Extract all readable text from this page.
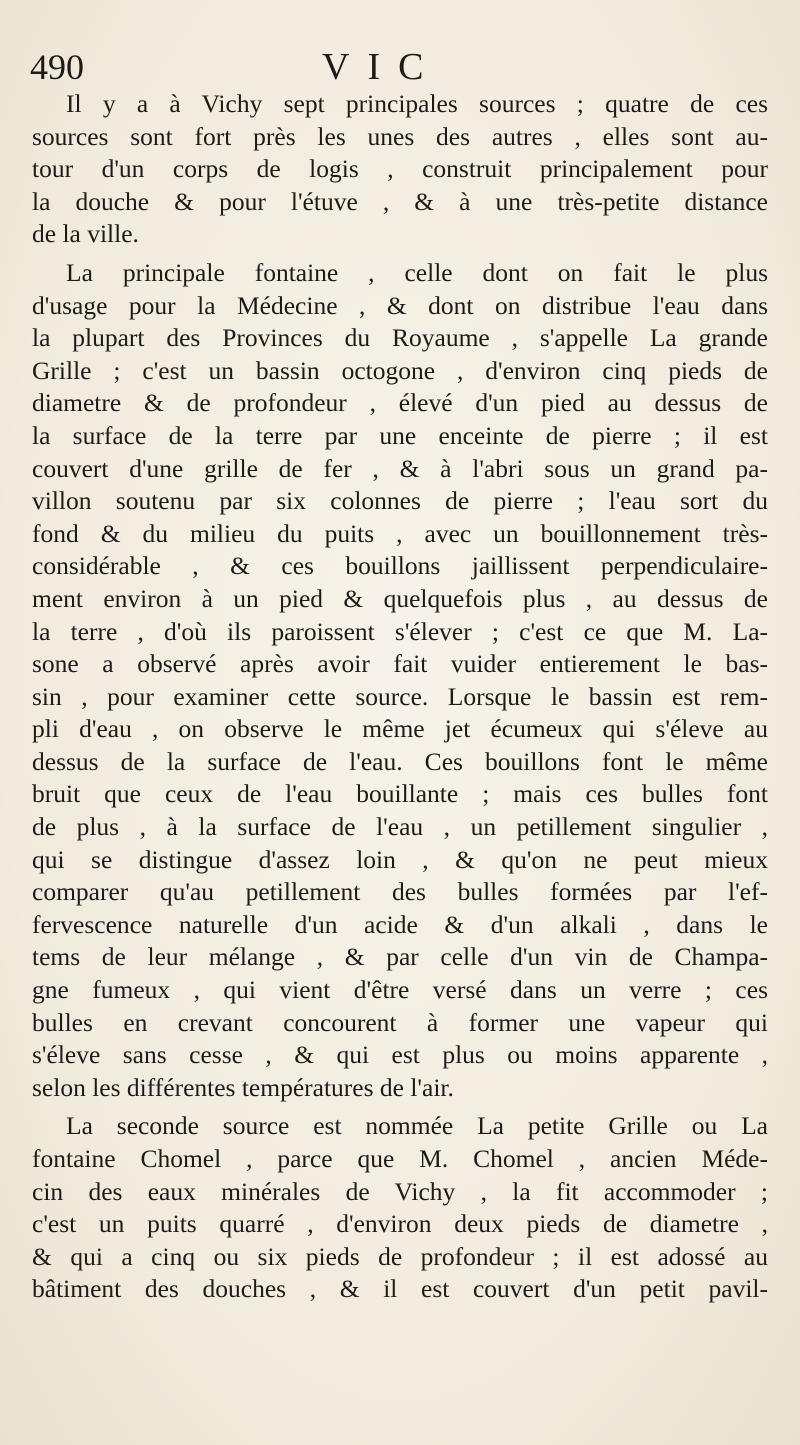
490	VIC
Il y a à Vichy sept principales sources ; quatre de ces
sources sont fort près les unes des autres , elles sont au-
tour d'un corps de logis , construit principalement pour
la douche & pour l'étuve , & à une très-petite distance
de la ville.
La principale fontaine , celle dont on fait le plus
d'usage pour la Médecine , & dont on distribue l'eau dans
la plupart des Provinces du Royaume , s'appelle La grande
Grille ; c'est un bassin octogone , d'environ cinq pieds de
diametre & de profondeur , élevé d'un pied au dessus de
la surface de la terre par une enceinte de pierre ; il est
couvert d'une grille de fer , & à l'abri sous un grand pa-
villon soutenu par six colonnes de pierre ; l'eau sort du
fond & du milieu du puits , avec un bouillonnement très-
considérable , & ces bouillons jaillissent perpendiculaire-
ment environ à un pied & quelquefois plus , au dessus de
la terre , d'où ils paroissent s'élever ; c'est ce que M. La-
sone a observé après avoir fait vuider entierement le bas-
sin , pour examiner cette source. Lorsque le bassin est rem-
pli d'eau , on observe le même jet écumeux qui s'éleve au
dessus de la surface de l'eau. Ces bouillons font le même
bruit que ceux de l'eau bouillante ; mais ces bulles font
de plus , à la surface de l'eau , un petillement singulier ,
qui se distingue d'assez loin , & qu'on ne peut mieux
comparer qu'au petillement des bulles formées par l'ef-
fervescence naturelle d'un acide & d'un alkali , dans le
tems de leur mélange , & par celle d'un vin de Champa-
gne fumeux , qui vient d'être versé dans un verre ; ces
bulles en crevant concourent à former une vapeur qui
s'éleve sans cesse , & qui est plus ou moins apparente ,
selon les différentes températures de l'air.
La seconde source est nommée La petite Grille ou La
fontaine Chomel , parce que M. Chomel , ancien Méde-
cin des eaux minérales de Vichy , la fit accommoder ;
c'est un puits quarré , d'environ deux pieds de diametre ,
& qui a cinq ou six pieds de profondeur ; il est adossé au
bâtiment des douches , & il est couvert d'un petit pavil-
